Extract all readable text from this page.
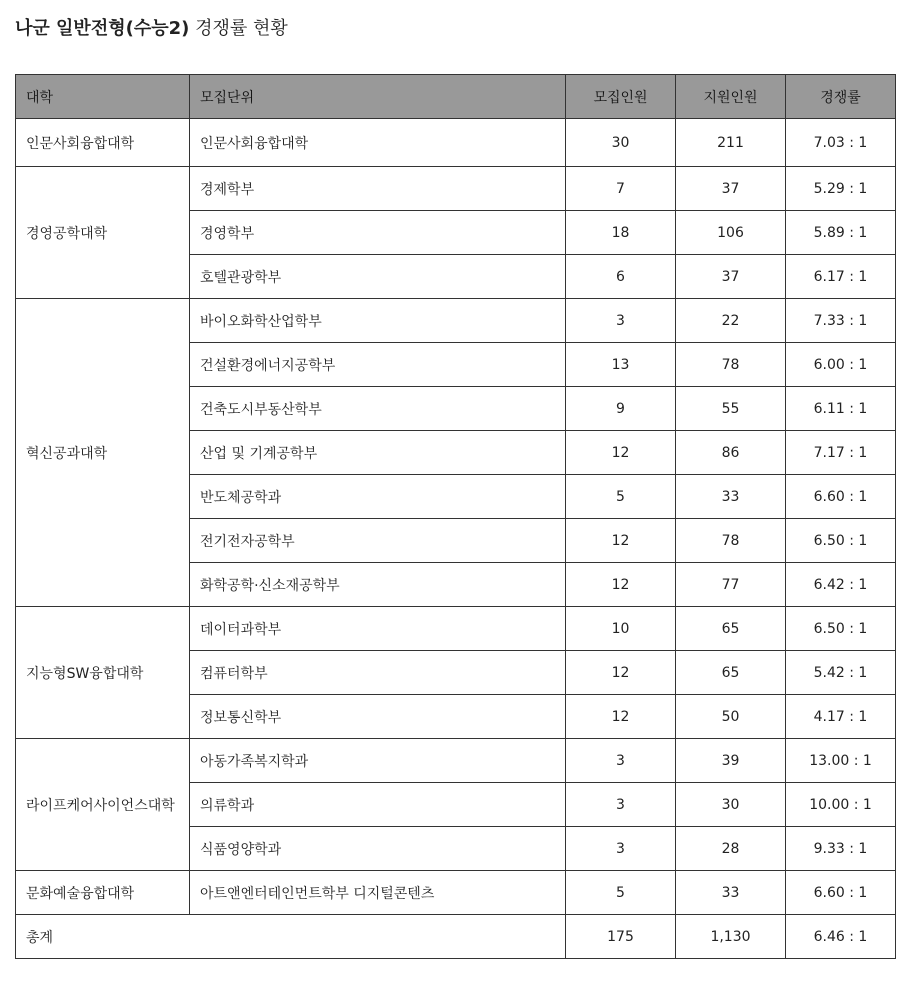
나군 일반전형(수능2) 경쟁률 현황
대학	모집단위	모집인원	지원인원	경쟁률
인문사회융합대학	인문사회융합대학	30	211	7.03 : 1
경영공학대학	경제학부	7	37	5.29 : 1
	경영학부	18	106	5.89 : 1
	호텔관광학부	6	37	6.17 : 1
혁신공과대학	바이오화학산업학부	3	22	7.33 : 1
	건설환경에너지공학부	13	78	6.00 : 1
	건축도시부동산학부	9	55	6.11 : 1
	산업 및 기계공학부	12	86	7.17 : 1
	반도체공학과	5	33	6.60 : 1
	전기전자공학부	12	78	6.50 : 1
	화학공학·신소재공학부	12	77	6.42 : 1
지능형SW융합대학	데이터과학부	10	65	6.50 : 1
	컴퓨터학부	12	65	5.42 : 1
	정보통신학부	12	50	4.17 : 1
라이프케어사이언스대학	아동가족복지학과	3	39	13.00 : 1
	의류학과	3	30	10.00 : 1
	식품영양학과	3	28	9.33 : 1
문화예술융합대학	아트앤엔터테인먼트학부 디지털콘텐츠	5	33	6.60 : 1
총계		175	1,130	6.46 : 1
